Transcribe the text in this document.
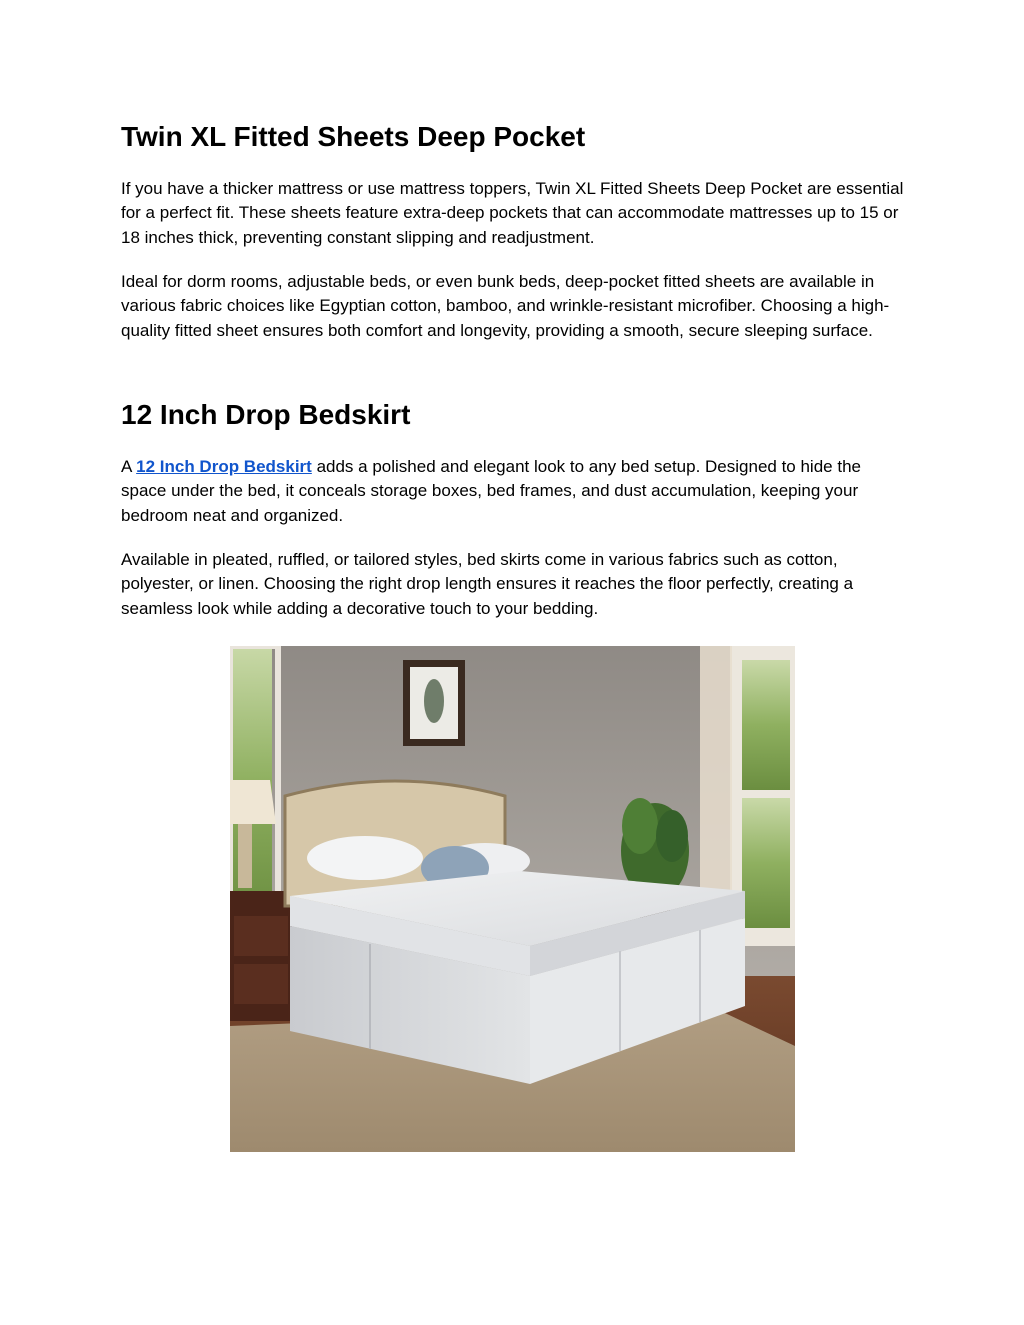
Twin XL Fitted Sheets Deep Pocket

If you have a thicker mattress or use mattress toppers, Twin XL Fitted Sheets Deep Pocket are essential for a perfect fit. These sheets feature extra-deep pockets that can accommodate mattresses up to 15 or 18 inches thick, preventing constant slipping and readjustment.

Ideal for dorm rooms, adjustable beds, or even bunk beds, deep-pocket fitted sheets are available in various fabric choices like Egyptian cotton, bamboo, and wrinkle-resistant microfiber. Choosing a high-quality fitted sheet ensures both comfort and longevity, providing a smooth, secure sleeping surface.

12 Inch Drop Bedskirt

A 12 Inch Drop Bedskirt adds a polished and elegant look to any bed setup. Designed to hide the space under the bed, it conceals storage boxes, bed frames, and dust accumulation, keeping your bedroom neat and organized.

Available in pleated, ruffled, or tailored styles, bed skirts come in various fabrics such as cotton, polyester, or linen. Choosing the right drop length ensures it reaches the floor perfectly, creating a seamless look while adding a decorative touch to your bedding.
